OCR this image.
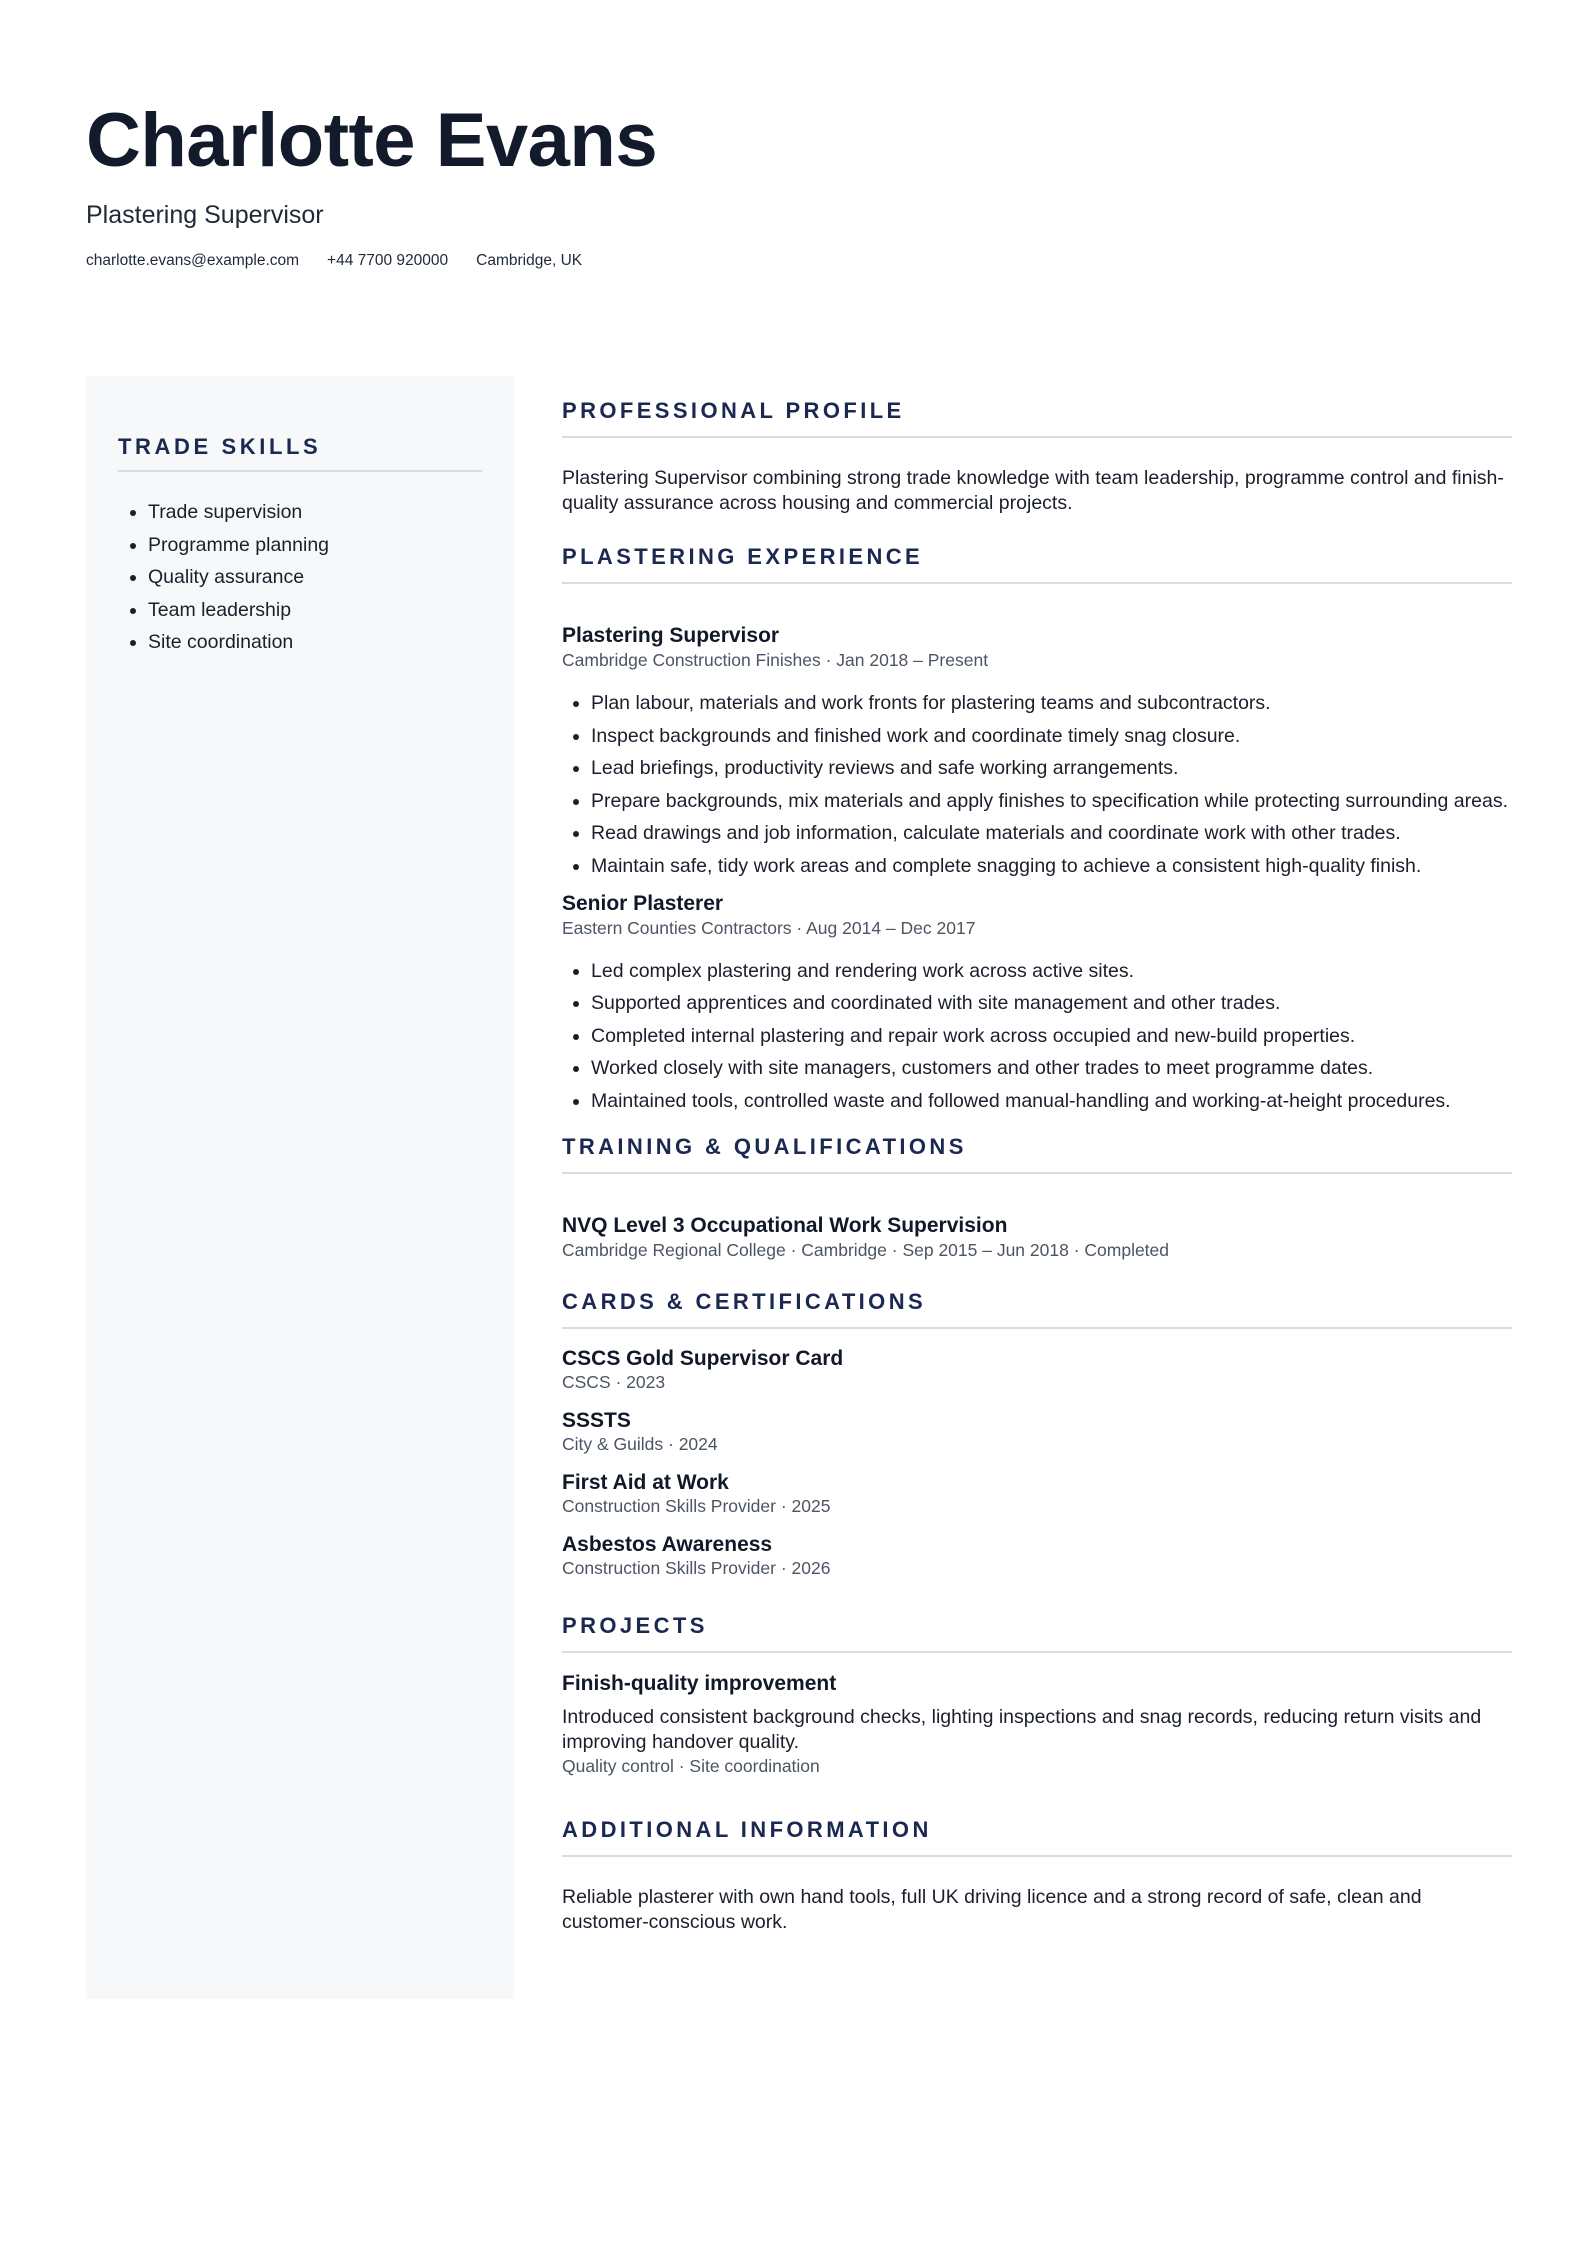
Charlotte Evans
Plastering Supervisor
charlotte.evans@example.com +44 7700 920000 Cambridge, UK
TRADE SKILLS
• Trade supervision
• Programme planning
• Quality assurance
• Team leadership
• Site coordination
PROFESSIONAL PROFILE

Plastering Supervisor combining strong trade knowledge with team leadership, programme control and finish-quality assurance across housing and commercial projects.

PLASTERING EXPERIENCE
Plastering Supervisor
Cambridge Construction Finishes · Jan 2018 – Present
• Plan labour, materials and work fronts for plastering teams and subcontractors.
• Inspect backgrounds and finished work and coordinate timely snag closure.
• Lead briefings, productivity reviews and safe working arrangements.
• Prepare backgrounds, mix materials and apply finishes to specification while protecting surrounding areas.
• Read drawings and job information, calculate materials and coordinate work with other trades.
• Maintain safe, tidy work areas and complete snagging to achieve a consistent high-quality finish.
Senior Plasterer
Eastern Counties Contractors · Aug 2014 – Dec 2017
• Led complex plastering and rendering work across active sites.
• Supported apprentices and coordinated with site management and other trades.
• Completed internal plastering and repair work across occupied and new-build properties.
• Worked closely with site managers, customers and other trades to meet programme dates.
• Maintained tools, controlled waste and followed manual-handling and working-at-height procedures.
TRAINING & QUALIFICATIONS
NVQ Level 3 Occupational Work Supervision
Cambridge Regional College · Cambridge · Sep 2015 – Jun 2018 · Completed
CARDS & CERTIFICATIONS
CSCS Gold Supervisor Card
CSCS · 2023
SSSTS
City & Guilds · 2024
First Aid at Work
Construction Skills Provider · 2025
Asbestos Awareness
Construction Skills Provider · 2026
PROJECTS
Finish-quality improvement

Introduced consistent background checks, lighting inspections and snag records, reducing return visits and improving handover quality.

Quality control · Site coordination
ADDITIONAL INFORMATION

Reliable plasterer with own hand tools, full UK driving licence and a strong record of safe, clean and customer-conscious work.
